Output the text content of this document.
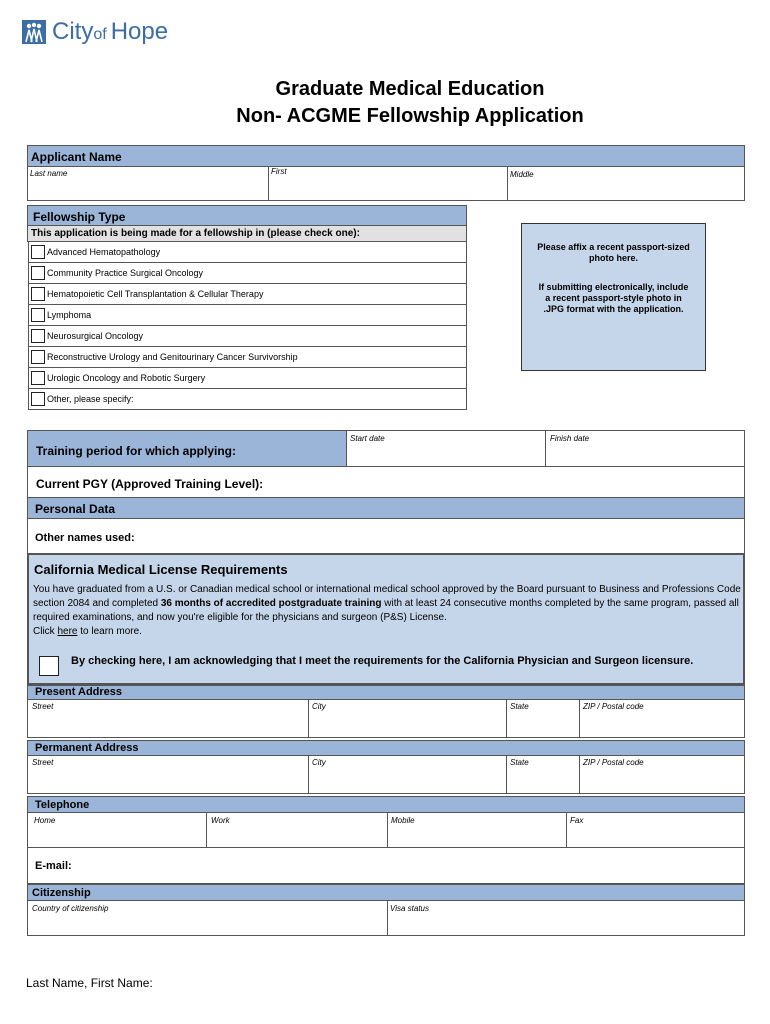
Cityof Hope
Graduate Medical Education
Non- ACGME Fellowship Application
Applicant Name
Last name	First	Middle
Fellowship Type
This application is being made for a fellowship in (please check one):
Advanced Hematopathology
Community Practice Surgical Oncology
Hematopoietic Cell Transplantation & Cellular Therapy
Lymphoma
Neurosurgical Oncology
Reconstructive Urology and Genitourinary Cancer Survivorship
Urologic Oncology and Robotic Surgery
Other, please specify:
Please affix a recent passport-sized photo here.
If submitting electronically, include a recent passport-style photo in .JPG format with the application.
Training period for which applying:
Start date	Finish date
Current PGY (Approved Training Level):
Personal Data
Other names used:
California Medical License Requirements
You have graduated from a U.S. or Canadian medical school or international medical school approved by the Board pursuant to Business and Professions Code section 2084 and completed 36 months of accredited postgraduate training with at least 24 consecutive months completed by the same program, passed all required examinations, and now you're eligible for the physicians and surgeon (P&S) License.
Click here to learn more.
By checking here, I am acknowledging that I meet the requirements for the California Physician and Surgeon licensure.
Present Address
Street	City	State	ZIP / Postal code
Permanent Address
Street	City	State	ZIP / Postal code
Telephone
Home	Work	Mobile	Fax
E-mail:
Citizenship
Country of citizenship	Visa status
Last Name, First Name:
